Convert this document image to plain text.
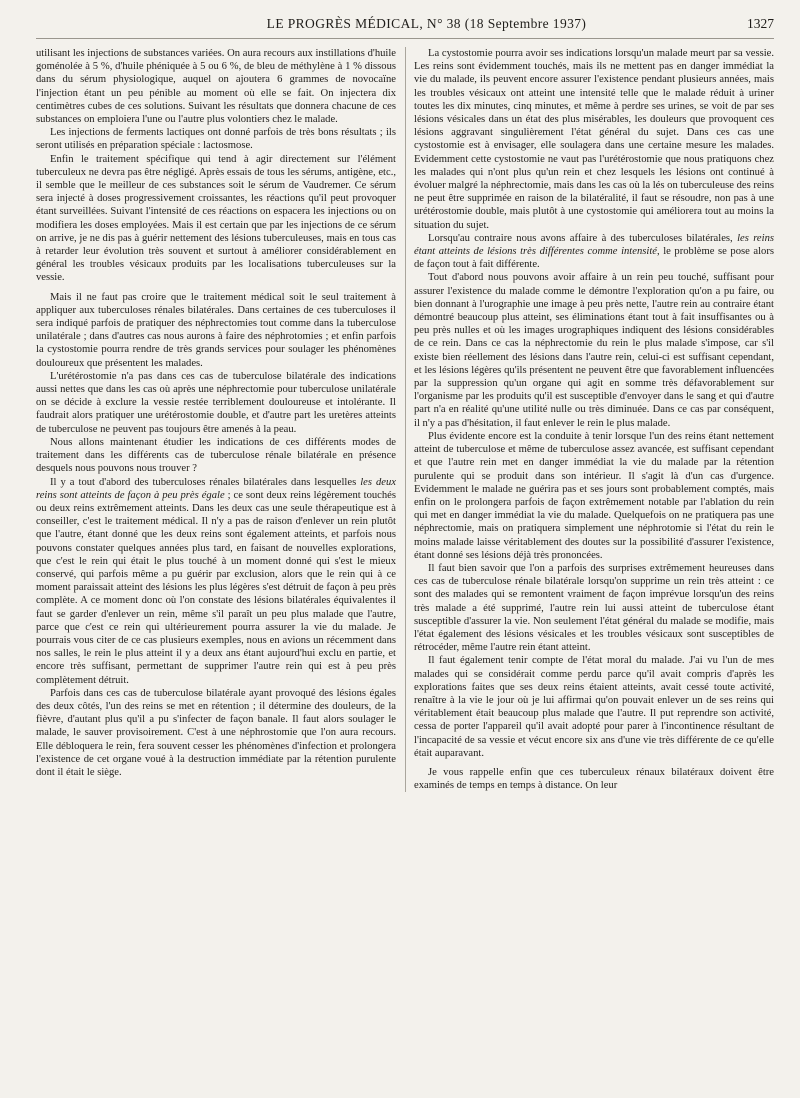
LE PROGRÈS MÉDICAL, N° 38 (18 Septembre 1937)	1327

utilisant les injections de substances variées. On aura recours aux instillations d'huile goménolée à 5 %, d'huile phéniquée à 5 ou 6 %, de bleu de méthylène à 1 % dissous dans du sérum physiologique, auquel on ajoutera 6 grammes de novocaïne l'injection étant un peu pénible au moment où elle se fait. On injectera dix centimètres cubes de ces solutions. Suivant les résultats que donnera chacune de ces substances on emploiera l'une ou l'autre plus volontiers chez le malade.

Les injections de ferments lactiques ont donné parfois de très bons résultats ; ils seront utilisés en préparation spéciale : lactosmose.

Enfin le traitement spécifique qui tend à agir directement sur l'élément tuberculeux ne devra pas être négligé. Après essais de tous les sérums, antigène, etc., il semble que le meilleur de ces substances soit le sérum de Vaudremer. Ce sérum sera injecté à doses progressivement croissantes, les réactions qu'il peut provoquer étant surveillées. Suivant l'intensité de ces réactions on espacera les injections ou on modifiera les doses employées. Mais il est certain que par les injections de ce sérum on arrive, je ne dis pas à guérir nettement des lésions tuberculeuses, mais en tous cas à retarder leur évolution très souvent et surtout à améliorer considérablement en général les troubles vésicaux produits par les localisations tuberculeuses sur la vessie.

Mais il ne faut pas croire que le traitement médical soit le seul traitement à appliquer aux tuberculoses rénales bilatérales. Dans certaines de ces tuberculoses il sera indiqué parfois de pratiquer des néphrectomies tout comme dans la tuberculose unilatérale ; dans d'autres cas nous aurons à faire des néphrotomies ; et enfin parfois la cystostomie pourra rendre de très grands services pour soulager les phénomènes douloureux que présentent les malades.

L'urétérostomie n'a pas dans ces cas de tuberculose bilatérale des indications aussi nettes que dans les cas où après une néphrectomie pour tuberculose unilatérale on se décide à exclure la vessie restée terriblement douloureuse et intolérante. Il faudrait alors pratiquer une urétérostomie double, et d'autre part les uretères atteints de tuberculose ne peuvent pas toujours être amenés à la peau.

Nous allons maintenant étudier les indications de ces différents modes de traitement dans les différents cas de tuberculose rénale bilatérale en présence desquels nous pouvons nous trouver ?

Il y a tout d'abord des tuberculoses rénales bilatérales dans lesquelles les deux reins sont atteints de façon à peu près égale ; ce sont deux reins légèrement touchés ou deux reins extrêmement atteints. Dans les deux cas une seule thérapeutique est à conseiller, c'est le traitement médical. Il n'y a pas de raison d'enlever un rein plutôt que l'autre, étant donné que les deux reins sont également atteints, et parfois nous pouvons constater quelques années plus tard, en faisant de nouvelles explorations, que c'est le rein qui était le plus touché à un moment donné qui s'est le mieux conservé, qui parfois même a pu guérir par exclusion, alors que le rein qui à ce moment paraissait atteint des lésions les plus légères s'est détruit de façon à peu près complète. A ce moment donc où l'on constate des lésions bilatérales équivalentes il faut se garder d'enlever un rein, même s'il paraît un peu plus malade que l'autre, parce que c'est ce rein qui ultérieurement pourra assurer la vie du malade. Je pourrais vous citer de ce cas plusieurs exemples, nous en avions un récemment dans nos salles, le rein le plus atteint il y a deux ans étant aujourd'hui exclu en partie, et encore très suffisant, permettant de supprimer l'autre rein qui est à peu près complètement détruit.

Parfois dans ces cas de tuberculose bilatérale ayant provoqué des lésions égales des deux côtés, l'un des reins se met en rétention ; il détermine des douleurs, de la fièvre, d'autant plus qu'il a pu s'infecter de façon banale. Il faut alors soulager le malade, le sauver provisoirement. C'est à une néphrostomie que l'on aura recours. Elle débloquera le rein, fera souvent cesser les phénomènes d'infection et prolongera l'existence de cet organe voué à la destruction immédiate par la rétention purulente dont il était le siège.

La cystostomie pourra avoir ses indications lorsqu'un malade meurt par sa vessie. Les reins sont évidemment touchés, mais ils ne mettent pas en danger immédiat la vie du malade, ils peuvent encore assurer l'existence pendant plusieurs années, mais les troubles vésicaux ont atteint une intensité telle que le malade réduit à uriner toutes les dix minutes, cinq minutes, et même à perdre ses urines, se voit de par ses lésions vésicales dans un état des plus misérables, les douleurs que provoquent ces lésions aggravant singulièrement l'état général du sujet. Dans ces cas une cystostomie est à envisager, elle soulagera dans une certaine mesure les malades. Evidemment cette cystostomie ne vaut pas l'urétérostomie que nous pratiquons chez les malades qui n'ont plus qu'un rein et chez lesquels les lésions ont continué à évoluer malgré la néphrectomie, mais dans les cas où la lés on tuberculeuse des reins ne peut être supprimée en raison de la bilatéralité, il faut se résoudre, non pas à une urétérostomie double, mais plutôt à une cystostomie qui améliorera tout au moins la situation du sujet.

Lorsqu'au contraire nous avons affaire à des tuberculoses bilatérales, les reins étant atteints de lésions très différentes comme intensité, le problème se pose alors de façon tout à fait différente.

Tout d'abord nous pouvons avoir affaire à un rein peu touché, suffisant pour assurer l'existence du malade comme le démontre l'exploration qu'on a pu faire, ou bien donnant à l'urographie une image à peu près nette, l'autre rein au contraire étant démontré beaucoup plus atteint, ses éliminations étant tout à fait insuffisantes ou à peu près nulles et où les images urographiques indiquent des lésions considérables de ce rein. Dans ce cas la néphrectomie du rein le plus malade s'impose, car s'il existe bien réellement des lésions dans l'autre rein, celui-ci est suffisant cependant, et les lésions légères qu'ils présentent ne peuvent être que favorablement influencées par la suppression qu'un organe qui agit en somme très défavorablement sur l'organisme par les produits qu'il est susceptible d'envoyer dans le sang et qui d'autre part n'a en réalité qu'une utilité nulle ou très diminuée. Dans ce cas par conséquent, il n'y a pas d'hésitation, il faut enlever le rein le plus malade.

Plus évidente encore est la conduite à tenir lorsque l'un des reins étant nettement atteint de tuberculose et même de tuberculose assez avancée, est suffisant cependant et que l'autre rein met en danger immédiat la vie du malade par la rétention purulente qui se produit dans son intérieur. Il s'agit là d'un cas d'urgence. Evidemment le malade ne guérira pas et ses jours sont probablement comptés, mais enfin on le prolongera parfois de façon extrêmement notable par l'ablation du rein qui met en danger immédiat la vie du malade. Quelquefois on ne pratiquera pas une néphrectomie, mais on pratiquera simplement une néphrotomie si l'état du rein le moins malade laisse véritablement des doutes sur la possibilité d'assurer l'existence, étant donné ses lésions déjà très prononcées.

Il faut bien savoir que l'on a parfois des surprises extrêmement heureuses dans ces cas de tuberculose rénale bilatérale lorsqu'on supprime un rein très atteint : ce sont des malades qui se remontent vraiment de façon imprévue lorsqu'un des reins très malade a été supprimé, l'autre rein lui aussi atteint de tuberculose étant susceptible d'assurer la vie. Non seulement l'état général du malade se modifie, mais l'état également des lésions vésicales et les troubles vésicaux sont susceptibles de rétrocéder, même l'autre rein étant atteint.

Il faut également tenir compte de l'état moral du malade. J'ai vu l'un de mes malades qui se considérait comme perdu parce qu'il avait compris d'après les explorations faites que ses deux reins étaient atteints, avait cessé toute activité, renaître à la vie le jour où je lui affirmai qu'on pouvait enlever un de ses reins qui véritablement était beaucoup plus malade que l'autre. Il put reprendre son activité, cessa de porter l'appareil qu'il avait adopté pour parer à l'incontinence résultant de l'incapacité de sa vessie et vécut encore six ans d'une vie très différente de ce qu'elle était auparavant.

Je vous rappelle enfin que ces tuberculeux rénaux bilatéraux doivent être examinés de temps en temps à distance. On leur
